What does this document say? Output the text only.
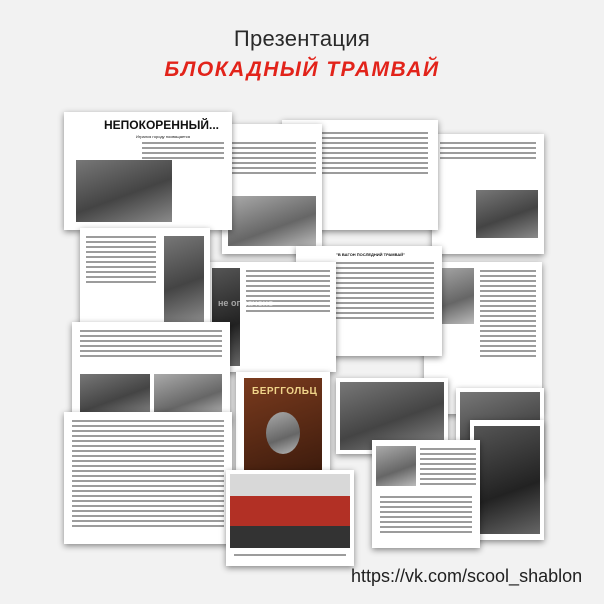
Презентация
БЛОКАДНЫЙ ТРАМВАЙ
НЕПОКОРЕННЫЙ...
Игрался городу посвящается
не оплачено
"В ВАГОН ПОСЛЕДНИЙ ТРАМВАЙ"
БЕРГГОЛЬЦ
https://vk.com/scool_shablon
